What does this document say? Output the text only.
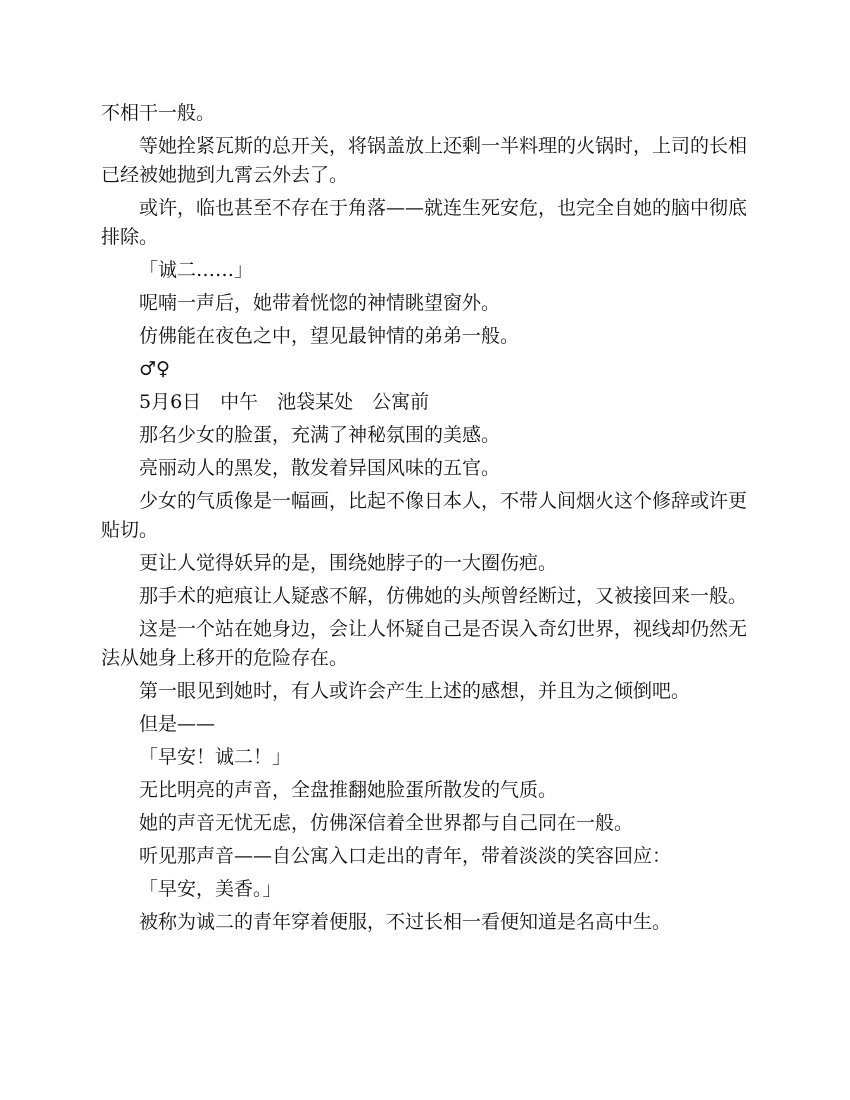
不相干一般。

等她拴紧瓦斯的总开关，将锅盖放上还剩一半料理的火锅时，上司的长相已经被她抛到九霄云外去了。

或许，临也甚至不存在于角落——就连生死安危，也完全自她的脑中彻底排除。

「诚二……」

呢喃一声后，她带着恍惚的神情眺望窗外。

仿佛能在夜色之中，望见最钟情的弟弟一般。

♂♀

5月6日　中午　池袋某处　公寓前

那名少女的脸蛋，充满了神秘氛围的美感。

亮丽动人的黑发，散发着异国风味的五官。

少女的气质像是一幅画，比起不像日本人，不带人间烟火这个修辞或许更贴切。

更让人觉得妖异的是，围绕她脖子的一大圈伤疤。

那手术的疤痕让人疑惑不解，仿佛她的头颅曾经断过，又被接回来一般。

这是一个站在她身边，会让人怀疑自己是否误入奇幻世界，视线却仍然无法从她身上移开的危险存在。

第一眼见到她时，有人或许会产生上述的感想，并且为之倾倒吧。

但是——

「早安！诚二！」

无比明亮的声音，全盘推翻她脸蛋所散发的气质。

她的声音无忧无虑，仿佛深信着全世界都与自己同在一般。

听见那声音——自公寓入口走出的青年，带着淡淡的笑容回应：

「早安，美香。」

被称为诚二的青年穿着便服，不过长相一看便知道是名高中生。
